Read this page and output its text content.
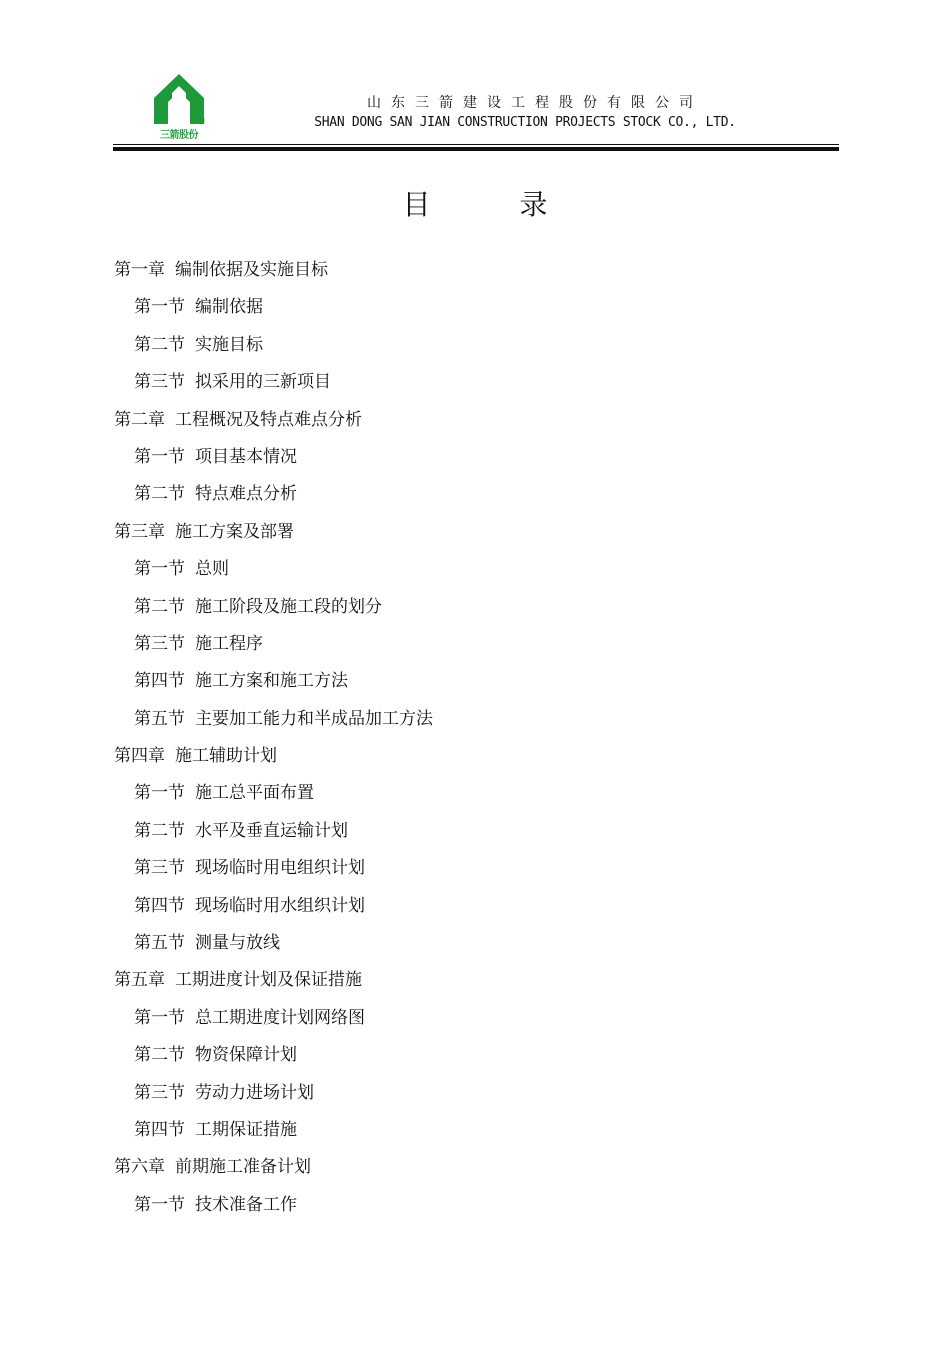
®
三箭股份
山东三箭建设工程股份有限公司
SHAN DONG SAN JIAN CONSTRUCTION PROJECTS STOCK CO., LTD.
目 录
第一章 编制依据及实施目标
第一节 编制依据
第二节 实施目标
第三节 拟采用的三新项目
第二章 工程概况及特点难点分析
第一节 项目基本情况
第二节 特点难点分析
第三章 施工方案及部署
第一节 总则
第二节 施工阶段及施工段的划分
第三节 施工程序
第四节 施工方案和施工方法
第五节 主要加工能力和半成品加工方法
第四章 施工辅助计划
第一节 施工总平面布置
第二节 水平及垂直运输计划
第三节 现场临时用电组织计划
第四节 现场临时用水组织计划
第五节 测量与放线
第五章 工期进度计划及保证措施
第一节 总工期进度计划网络图
第二节 物资保障计划
第三节 劳动力进场计划
第四节 工期保证措施
第六章 前期施工准备计划
第一节 技术准备工作
